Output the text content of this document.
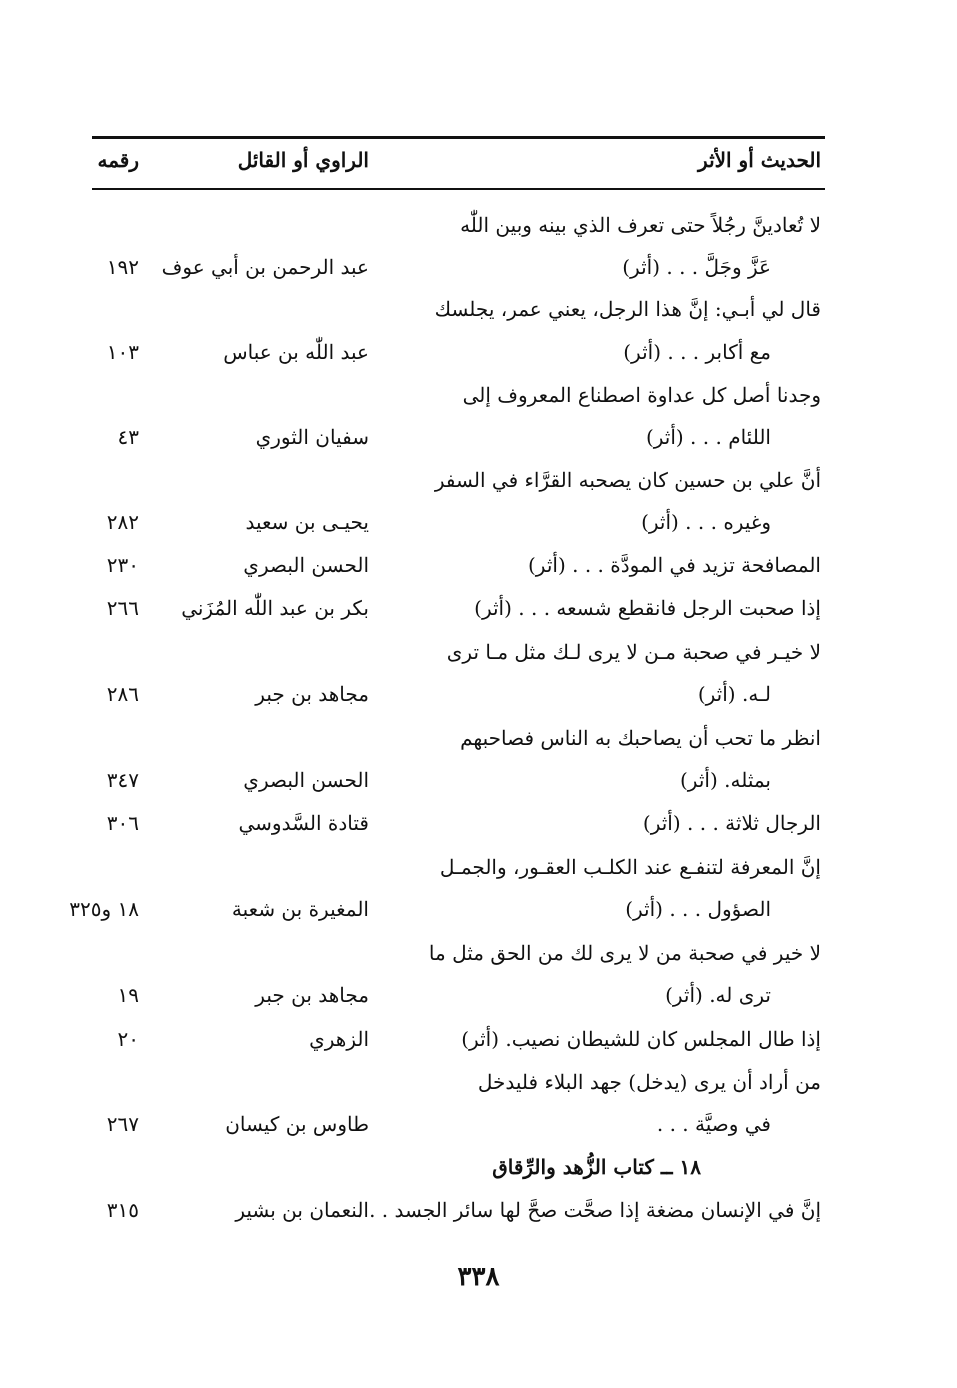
الحديث أو الأثر
الراوي أو القائل
رقمه
لا تُعادينَّ رجُلاً حتى تعرف الذي بينه وبين اللّٰه
عَزَّ وجَلَّ . . . (أثر)
عبد الرحمن بن أبي عوف
١٩٢
قال لي أبـي: إنَّ هذا الرجل، يعني عمر، يجلسك
مع أكابر . . . (أثر)
عبد اللّٰه بن عباس
١٠٣
وجدنا أصل كل عداوة اصطناع المعروف إلى
اللئام . . . (أثر)
سفيان الثوري
٤٣
أنَّ علي بن حسين كان يصحبه القرَّاء في السفر
وغيره . . . (أثر)
يحيـى بن سعيد
٢٨٢
المصافحة تزيد في المودَّة . . . (أثر)
الحسن البصري
٢٣٠
إذا صحبت الرجل فانقطع شسعه . . . (أثر)
بكر بن عبد اللّٰه المُزَني
٢٦٦
لا خيـر في صحبة مـن لا يرى لـك مثل مـا ترى
لـه. (أثر)
مجاهد بن جبر
٢٨٦
انظر ما تحب أن يصاحبك به الناس فصاحبهم
بمثله. (أثر)
الحسن البصري
٣٤٧
الرجال ثلاثة . . . (أثر)
قتادة السَّدوسي
٣٠٦
إنَّ المعرفة لتنفـع عند الكلـب العقـور، والجمـل
الصؤول . . . (أثر)
المغيرة بن شعبة
١٨ و٣٢٥
لا خير في صحبة من لا يرى لك من الحق مثل ما
ترى له. (أثر)
مجاهد بن جبر
١٩
إذا طال المجلس كان للشيطان نصيب. (أثر)
الزهري
٢٠
من أراد أن يرى (يدخل) جهد البلاء فليدخل
في وصيَّة . . .
طاوس بن كيسان
٢٦٧
١٨ ــ كتاب الزُّهد والرِّقاق
إنَّ في الإنسان مضغة إذا صحَّت صحَّ لها سائر الجسد . . .
النعمان بن بشير
٣١٥
٣٣٨
